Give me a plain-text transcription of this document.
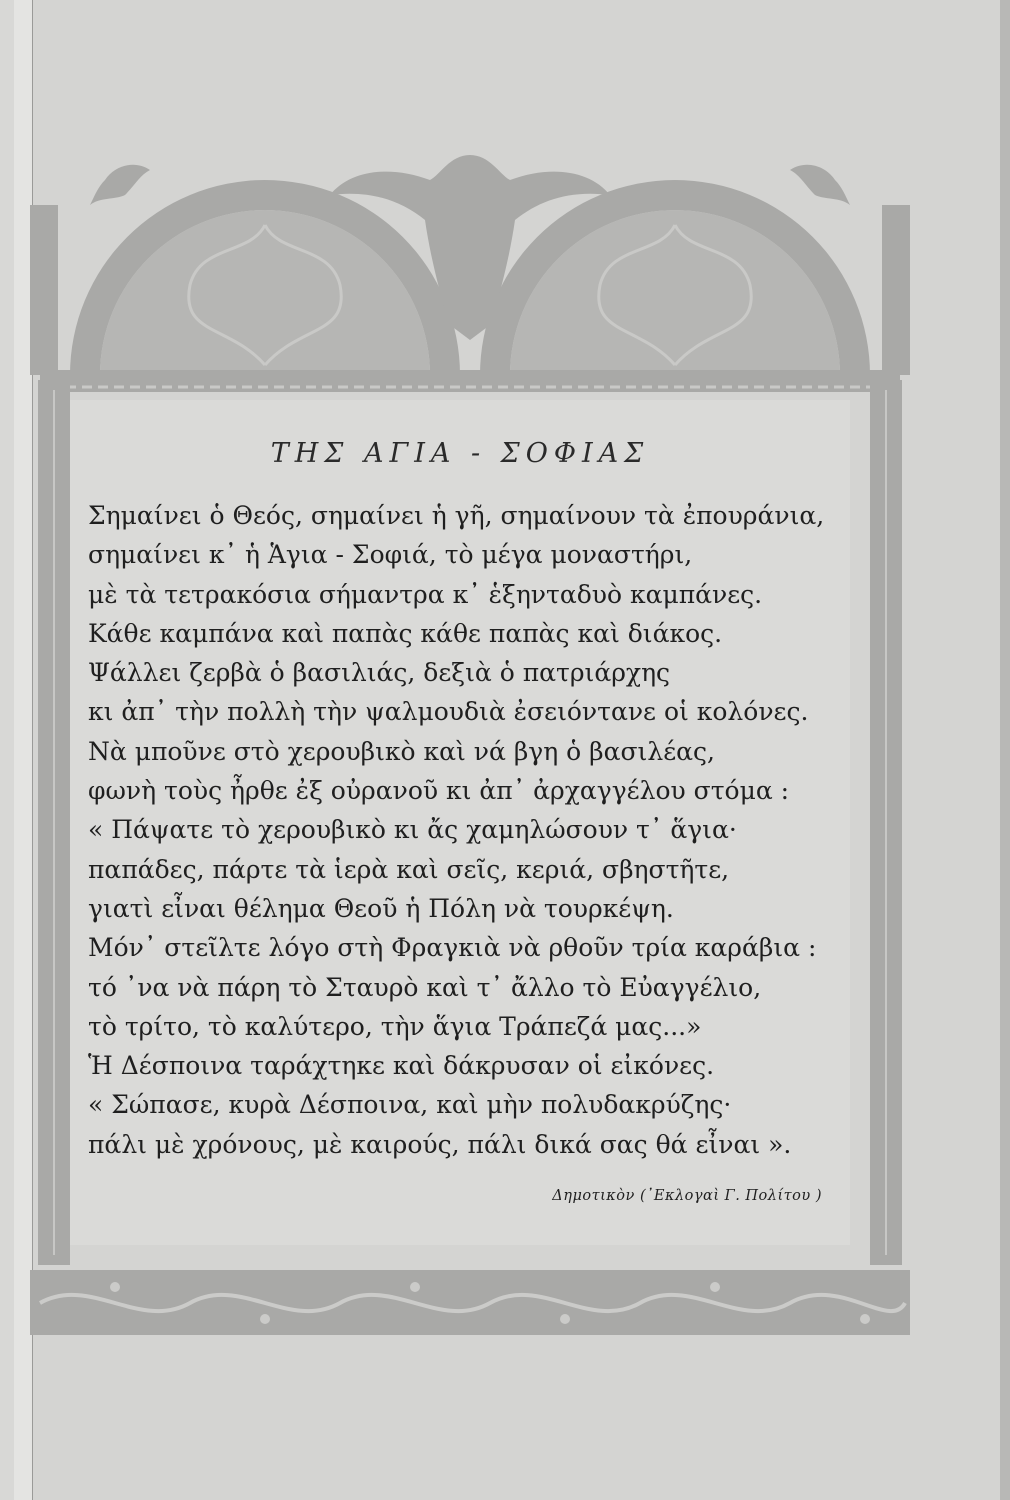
ΤΗΣ ΑΓΙΑ - ΣΟΦΙΑΣ
Σημαίνει ὁ Θεός, σημαίνει ἡ γῆ, σημαίνουν τὰ ἐπουράνια,
σημαίνει κ᾽ ἡ Ἁγια - Σοφιά, τὸ μέγα μοναστήρι,
μὲ τὰ τετρακόσια σήμαντρα κ᾽ ἑξηνταδυὸ καμπάνες.
Κάθε καμπάνα καὶ παπὰς κάθε παπὰς καὶ διάκος.
Ψάλλει ζερβὰ ὁ βασιλιάς, δεξιὰ ὁ πατριάρχης
κι ἀπ᾽ τὴν πολλὴ τὴν ψαλμουδιὰ ἐσειόντανε οἱ κολόνες.
Νὰ μποῦνε στὸ χερουβικὸ καὶ νά βγη ὁ βασιλέας,
φωνὴ τοὺς ἦρθε ἐξ οὐρανοῦ κι ἀπ᾽ ἀρχαγγέλου στόμα :
« Πάψατε τὸ χερουβικὸ κι ἄς χαμηλώσουν τ᾽ ἅγια·
παπάδες, πάρτε τὰ ἱερὰ καὶ σεῖς, κεριά, σβηστῆτε,
γιατὶ εἶναι θέλημα Θεοῦ ἡ Πόλη νὰ τουρκέψη.
Μόν᾽ στεῖλτε λόγο στὴ Φραγκιὰ νὰ ρθοῦν τρία καράβια :
τό ᾽να νὰ πάρη τὸ Σταυρὸ καὶ τ᾽ ἄλλο τὸ Εὐαγγέλιο,
τὸ τρίτο, τὸ καλύτερο, τὴν ἅγια Τράπεζά μας...»
Ἡ Δέσποινα ταράχτηκε καὶ δάκρυσαν οἱ εἰκόνες.
« Σώπασε, κυρὰ Δέσποινα, καὶ μὴν πολυδακρύζης·
πάλι μὲ χρόνους, μὲ καιρούς, πάλι δικά σας θά εἶναι ».
Δημοτικὸν (᾽Εκλογαὶ Γ. Πολίτου )
